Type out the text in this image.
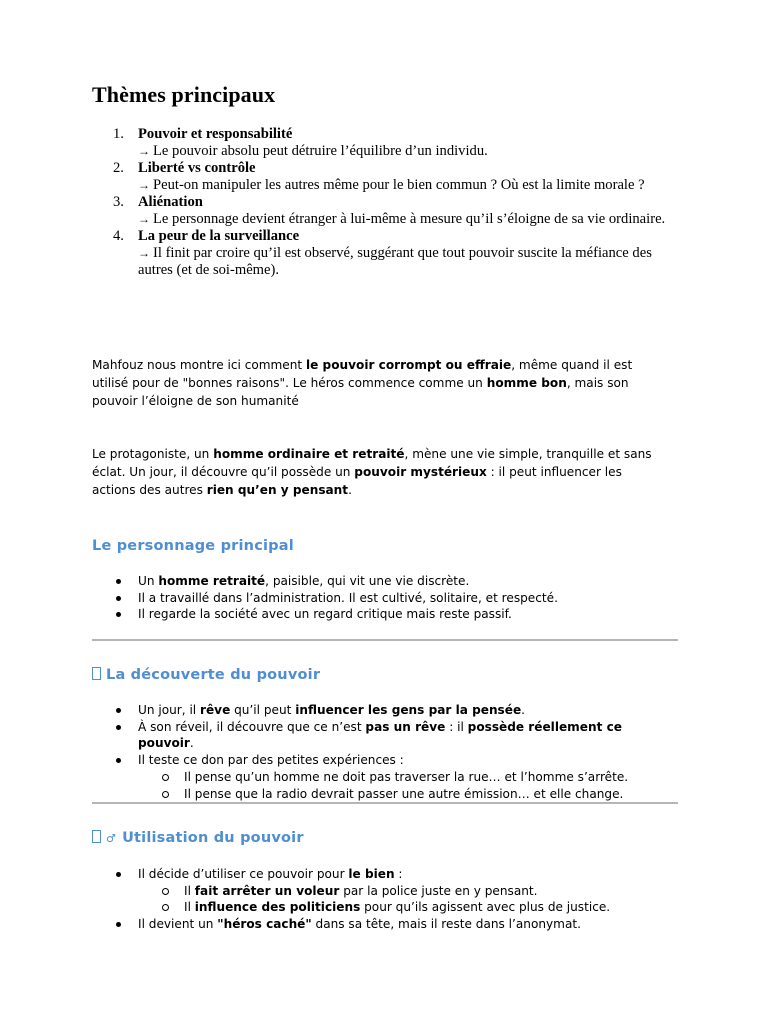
Thèmes principaux
1. Pouvoir et responsabilité
→ Le pouvoir absolu peut détruire l’équilibre d’un individu.
2. Liberté vs contrôle
→ Peut-on manipuler les autres même pour le bien commun ? Où est la limite morale ?
3. Aliénation
→ Le personnage devient étranger à lui-même à mesure qu’il s’éloigne de sa vie ordinaire.
4. La peur de la surveillance
→ Il finit par croire qu’il est observé, suggérant que tout pouvoir suscite la méfiance des autres (et de soi-même).

Mahfouz nous montre ici comment le pouvoir corrompt ou effraie, même quand il est utilisé pour de "bonnes raisons". Le héros commence comme un homme bon, mais son pouvoir l’éloigne de son humanité

Le protagoniste, un homme ordinaire et retraité, mène une vie simple, tranquille et sans éclat. Un jour, il découvre qu’il possède un pouvoir mystérieux : il peut influencer les actions des autres rien qu’en y pensant.

Le personnage principal
Un homme retraité, paisible, qui vit une vie discrète.
Il a travaillé dans l’administration. Il est cultivé, solitaire, et respecté.
Il regarde la société avec un regard critique mais reste passif.
La découverte du pouvoir
Un jour, il rêve qu’il peut influencer les gens par la pensée.
À son réveil, il découvre que ce n’est pas un rêve : il possède réellement ce pouvoir.
Il teste ce don par des petites expériences :
Il pense qu’un homme ne doit pas traverser la rue… et l’homme s’arrête.
Il pense que la radio devrait passer une autre émission… et elle change.
♂ Utilisation du pouvoir
Il décide d’utiliser ce pouvoir pour le bien :
Il fait arrêter un voleur par la police juste en y pensant.
Il influence des politiciens pour qu’ils agissent avec plus de justice.
Il devient un "héros caché" dans sa tête, mais il reste dans l’anonymat.
